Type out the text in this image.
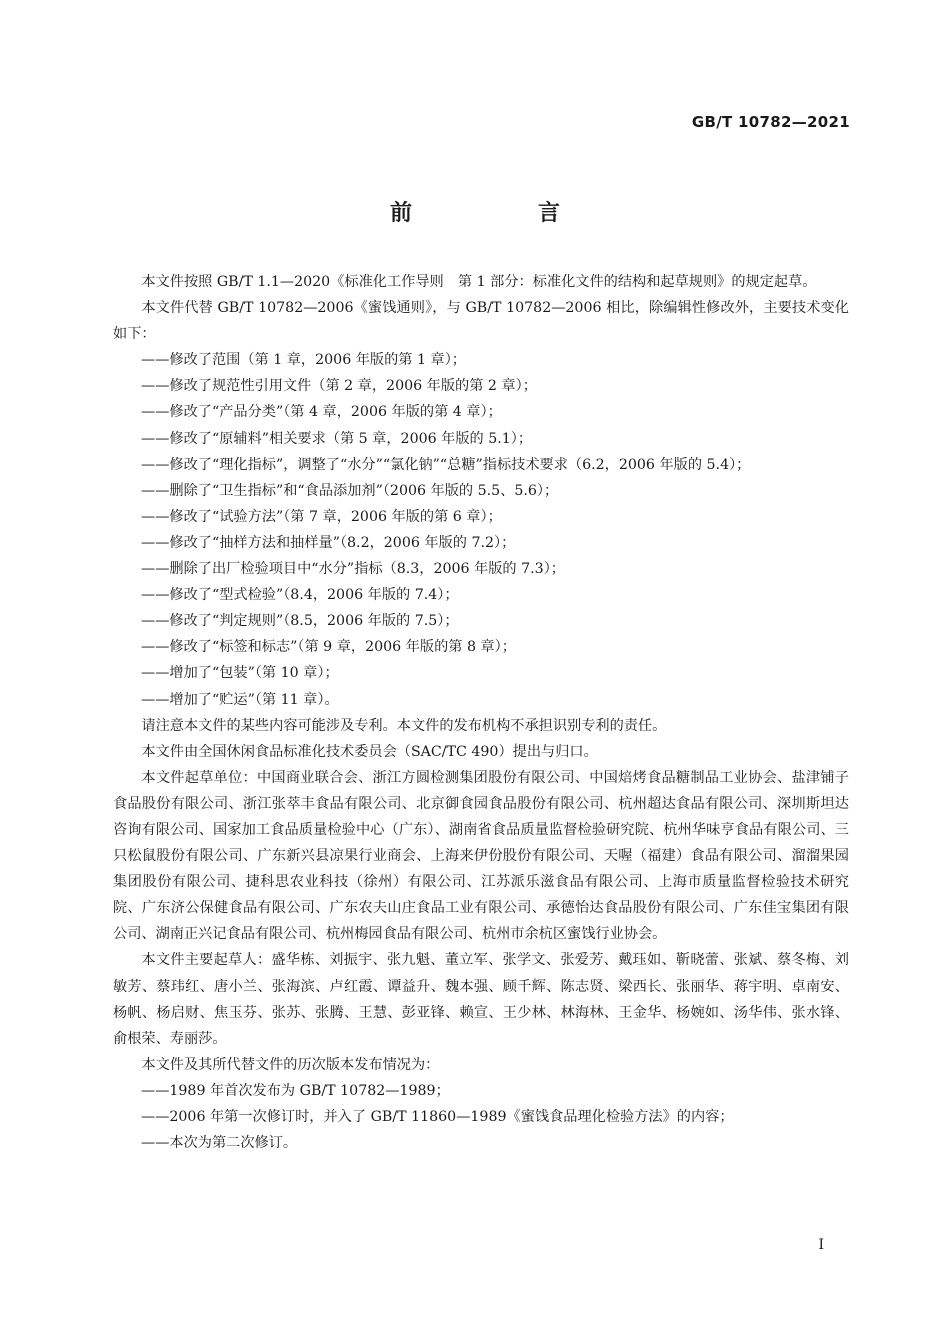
GB/T 10782—2021
前　言

本文件按照 GB/T 1.1—2020《标准化工作导则　第 1 部分：标准化文件的结构和起草规则》的规定起草。

本文件代替 GB/T 10782—2006《蜜饯通则》，与 GB/T 10782—2006 相比，除编辑性修改外，主要技术变化如下：

——修改了范围（第 1 章，2006 年版的第 1 章）；

——修改了规范性引用文件（第 2 章，2006 年版的第 2 章）；

——修改了“产品分类”（第 4 章，2006 年版的第 4 章）；

——修改了“原辅料”相关要求（第 5 章，2006 年版的 5.1）；

——修改了“理化指标”，调整了“水分”“氯化钠”“总糖”指标技术要求（6.2，2006 年版的 5.4）；

——删除了“卫生指标”和“食品添加剂”（2006 年版的 5.5、5.6）；

——修改了“试验方法”（第 7 章，2006 年版的第 6 章）；

——修改了“抽样方法和抽样量”（8.2，2006 年版的 7.2）；

——删除了出厂检验项目中“水分”指标（8.3，2006 年版的 7.3）；

——修改了“型式检验”（8.4，2006 年版的 7.4）；

——修改了“判定规则”（8.5，2006 年版的 7.5）；

——修改了“标签和标志”（第 9 章，2006 年版的第 8 章）；

——增加了“包装”（第 10 章）；

——增加了“贮运”（第 11 章）。

请注意本文件的某些内容可能涉及专利。本文件的发布机构不承担识别专利的责任。

本文件由全国休闲食品标准化技术委员会（SAC/TC 490）提出与归口。

本文件起草单位：中国商业联合会、浙江方圆检测集团股份有限公司、中国焙烤食品糖制品工业协会、盐津铺子食品股份有限公司、浙江张萃丰食品有限公司、北京御食园食品股份有限公司、杭州超达食品有限公司、深圳斯坦达咨询有限公司、国家加工食品质量检验中心（广东）、湖南省食品质量监督检验研究院、杭州华味亨食品有限公司、三只松鼠股份有限公司、广东新兴县凉果行业商会、上海来伊份股份有限公司、天喔（福建）食品有限公司、溜溜果园集团股份有限公司、捷科思农业科技（徐州）有限公司、江苏派乐滋食品有限公司、上海市质量监督检验技术研究院、广东济公保健食品有限公司、广东农夫山庄食品工业有限公司、承德怡达食品股份有限公司、广东佳宝集团有限公司、湖南正兴记食品有限公司、杭州梅园食品有限公司、杭州市余杭区蜜饯行业协会。

本文件主要起草人：盛华栋、刘振宇、张九魁、董立军、张学文、张爱芳、戴珏如、靳晓蕾、张斌、蔡冬梅、刘敏芳、蔡玮红、唐小兰、张海滨、卢红霞、谭益升、魏本强、顾千辉、陈志贤、梁西长、张丽华、蒋宇明、卓南安、杨帆、杨启财、焦玉芬、张苏、张腾、王慧、彭亚锋、赖宣、王少林、林海林、王金华、杨婉如、汤华伟、张水锋、俞根荣、寿丽莎。

本文件及其所代替文件的历次版本发布情况为：

——1989 年首次发布为 GB/T 10782—1989；

——2006 年第一次修订时，并入了 GB/T 11860—1989《蜜饯食品理化检验方法》的内容；

——本次为第二次修订。

I
